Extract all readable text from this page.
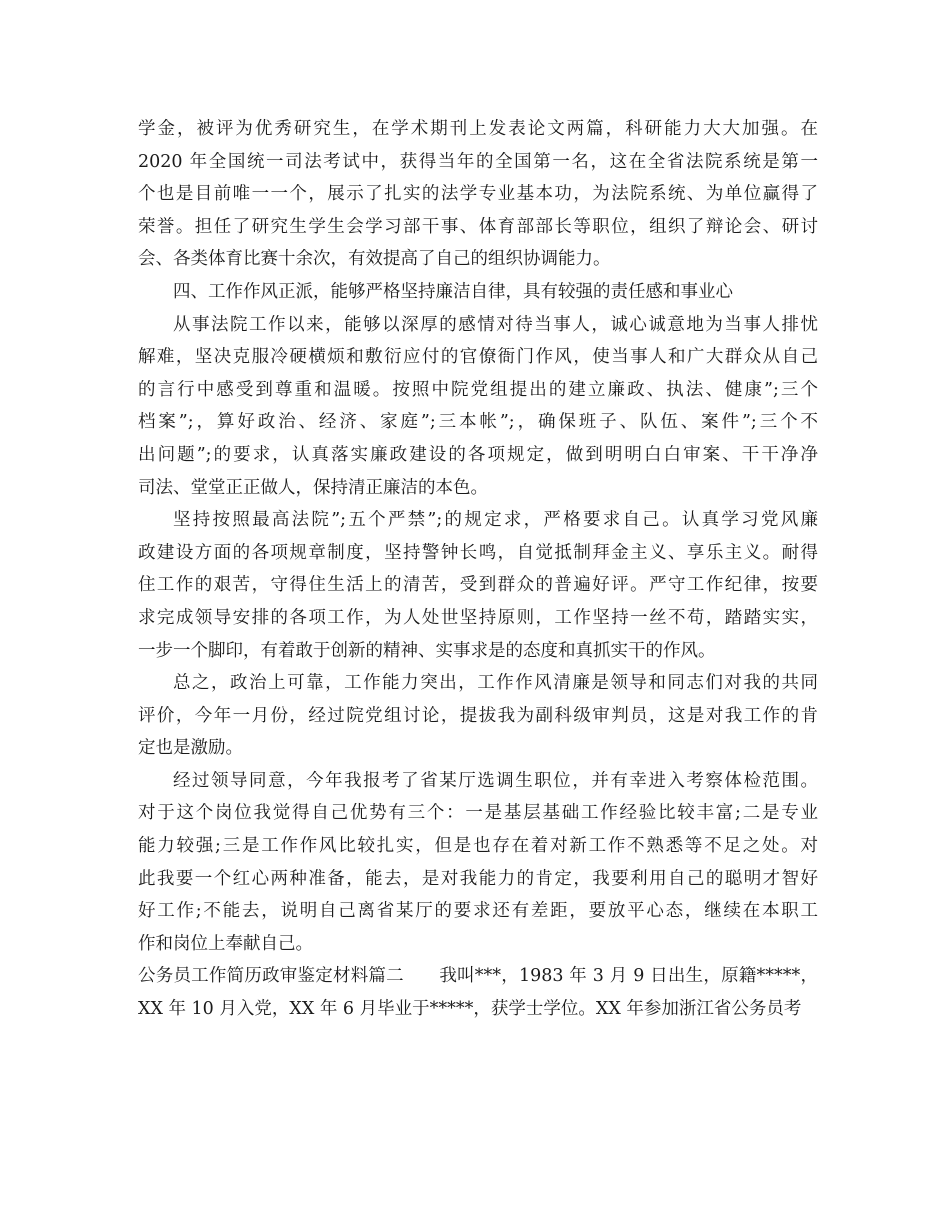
学金，被评为优秀研究生，在学术期刊上发表论文两篇，科研能力大大加强。在
2020 年全国统一司法考试中，获得当年的全国第一名，这在全省法院系统是第一
个也是目前唯一一个，展示了扎实的法学专业基本功，为法院系统、为单位赢得了
荣誉。担任了研究生学生会学习部干事、体育部部长等职位，组织了辩论会、研讨
会、各类体育比赛十余次，有效提高了自己的组织协调能力。
四、工作作风正派，能够严格坚持廉洁自律，具有较强的责任感和事业心
从事法院工作以来，能够以深厚的感情对待当事人，诚心诚意地为当事人排忧
解难，坚决克服冷硬横烦和敷衍应付的官僚衙门作风，使当事人和广大群众从自己
的言行中感受到尊重和温暖。按照中院党组提出的建立廉政、执法、健康”;三个
档案”;，算好政治、经济、家庭”;三本帐”;，确保班子、队伍、案件”;三个不
出问题”;的要求，认真落实廉政建设的各项规定，做到明明白白审案、干干净净
司法、堂堂正正做人，保持清正廉洁的本色。
坚持按照最高法院”;五个严禁”;的规定求，严格要求自己。认真学习党风廉
政建设方面的各项规章制度，坚持警钟长鸣，自觉抵制拜金主义、享乐主义。耐得
住工作的艰苦，守得住生活上的清苦，受到群众的普遍好评。严守工作纪律，按要
求完成领导安排的各项工作，为人处世坚持原则，工作坚持一丝不苟，踏踏实实，
一步一个脚印，有着敢于创新的精神、实事求是的态度和真抓实干的作风。
总之，政治上可靠，工作能力突出，工作作风清廉是领导和同志们对我的共同
评价，今年一月份，经过院党组讨论，提拔我为副科级审判员，这是对我工作的肯
定也是激励。
经过领导同意，今年我报考了省某厅选调生职位，并有幸进入考察体检范围。
对于这个岗位我觉得自己优势有三个：一是基层基础工作经验比较丰富;二是专业
能力较强;三是工作作风比较扎实，但是也存在着对新工作不熟悉等不足之处。对
此我要一个红心两种准备，能去，是对我能力的肯定，我要利用自己的聪明才智好
好工作;不能去，说明自己离省某厅的要求还有差距，要放平心态，继续在本职工
作和岗位上奉献自己。
公务员工作简历政审鉴定材料篇二　　我叫***，1983 年 3 月 9 日出生，原籍*****，
XX 年 10 月入党，XX 年 6 月毕业于*****，获学士学位。XX 年参加浙江省公务员考
